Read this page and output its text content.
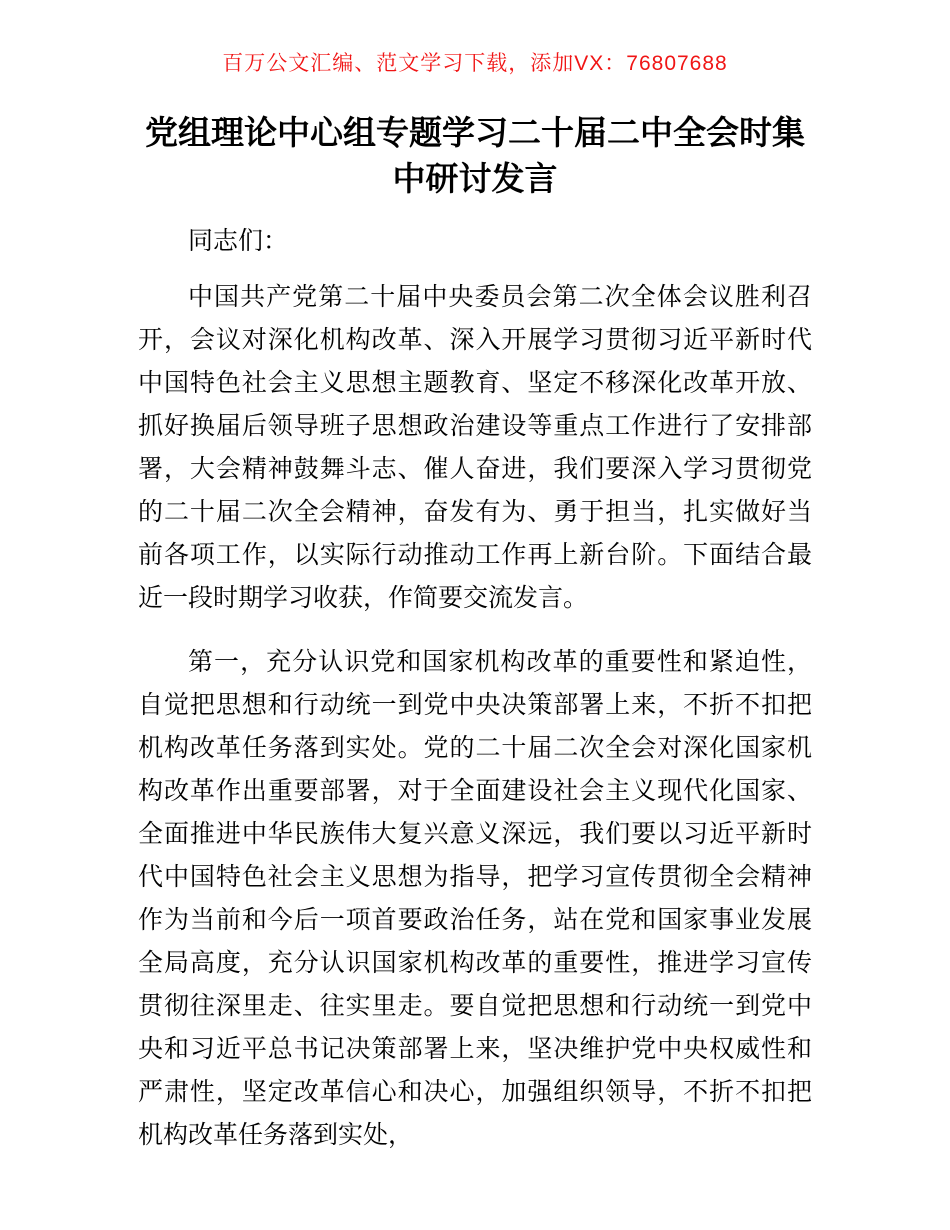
百万公文汇编、范文学习下载，添加VX：76807688
党组理论中心组专题学习二十届二中全会时集
中研讨发言

同志们：

中国共产党第二十届中央委员会第二次全体会议胜利召开，会议对深化机构改革、深入开展学习贯彻习近平新时代中国特色社会主义思想主题教育、坚定不移深化改革开放、抓好换届后领导班子思想政治建设等重点工作进行了安排部署，大会精神鼓舞斗志、催人奋进，我们要深入学习贯彻党的二十届二次全会精神，奋发有为、勇于担当，扎实做好当前各项工作，以实际行动推动工作再上新台阶。下面结合最近一段时期学习收获，作简要交流发言。

第一，充分认识党和国家机构改革的重要性和紧迫性，自觉把思想和行动统一到党中央决策部署上来，不折不扣把机构改革任务落到实处。党的二十届二次全会对深化国家机构改革作出重要部署，对于全面建设社会主义现代化国家、全面推进中华民族伟大复兴意义深远，我们要以习近平新时代中国特色社会主义思想为指导，把学习宣传贯彻全会精神作为当前和今后一项首要政治任务，站在党和国家事业发展全局高度，充分认识国家机构改革的重要性，推进学习宣传贯彻往深里走、往实里走。要自觉把思想和行动统一到党中央和习近平总书记决策部署上来，坚决维护党中央权威性和严肃性，坚定改革信心和决心，加强组织领导，不折不扣把机构改革任务落到实处，
